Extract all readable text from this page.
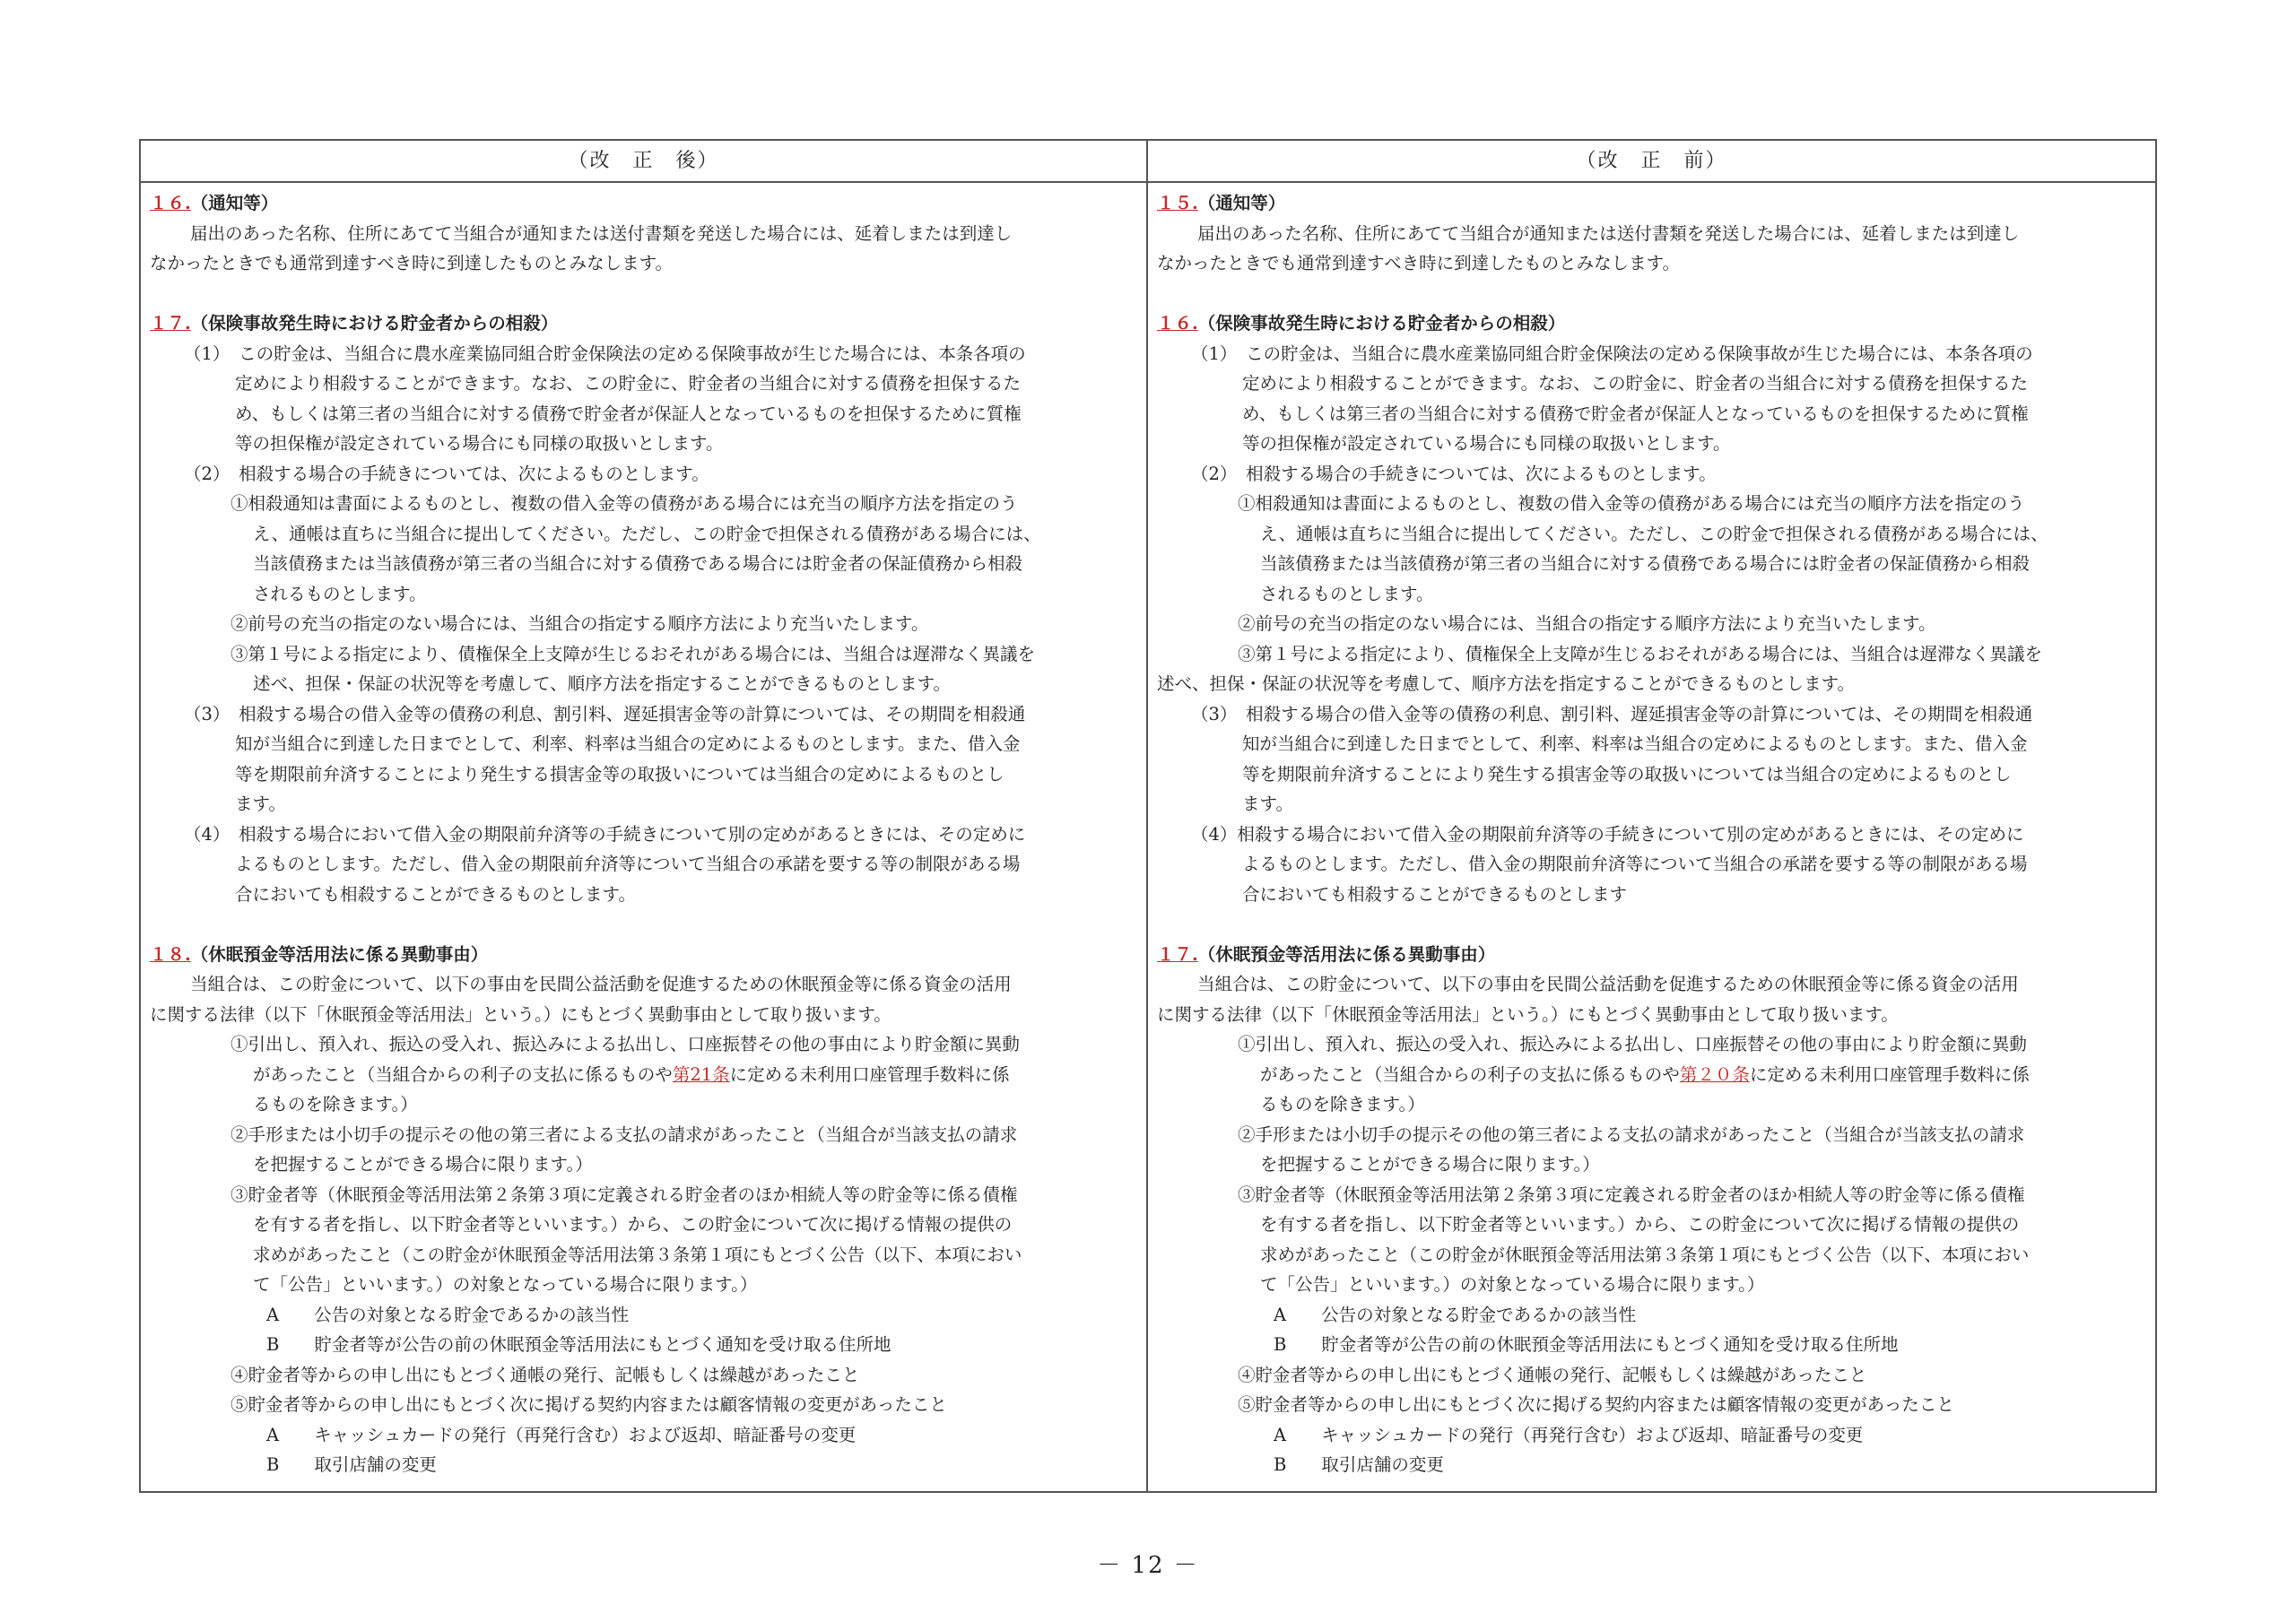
（改　正　後）
１６.（通知等）
届出のあった名称、住所にあてて当組合が通知または送付書類を発送した場合には、延着しまたは到達し
なかったときでも通常到達すべき時に到達したものとみなします。
１７.（保険事故発生時における貯金者からの相殺）
（1）　この貯金は、当組合に農水産業協同組合貯金保険法の定める保険事故が生じた場合には、本条各項の
定めにより相殺することができます。なお、この貯金に、貯金者の当組合に対する債務を担保するた
め、もしくは第三者の当組合に対する債務で貯金者が保証人となっているものを担保するために質権
等の担保権が設定されている場合にも同様の取扱いとします。
（2）　相殺する場合の手続きについては、次によるものとします。
①相殺通知は書面によるものとし、複数の借入金等の債務がある場合には充当の順序方法を指定のう
え、通帳は直ちに当組合に提出してください。ただし、この貯金で担保される債務がある場合には、
当該債務または当該債務が第三者の当組合に対する債務である場合には貯金者の保証債務から相殺
されるものとします。
②前号の充当の指定のない場合には、当組合の指定する順序方法により充当いたします。
③第１号による指定により、債権保全上支障が生じるおそれがある場合には、当組合は遅滞なく異議を
述べ、担保・保証の状況等を考慮して、順序方法を指定することができるものとします。
（3）　相殺する場合の借入金等の債務の利息、割引料、遅延損害金等の計算については、その期間を相殺通
知が当組合に到達した日までとして、利率、料率は当組合の定めによるものとします。また、借入金
等を期限前弁済することにより発生する損害金等の取扱いについては当組合の定めによるものとし
ます。
（4）　相殺する場合において借入金の期限前弁済等の手続きについて別の定めがあるときには、その定めに
よるものとします。ただし、借入金の期限前弁済等について当組合の承諾を要する等の制限がある場
合においても相殺することができるものとします。
１８.（休眠預金等活用法に係る異動事由）
当組合は、この貯金について、以下の事由を民間公益活動を促進するための休眠預金等に係る資金の活用
に関する法律（以下「休眠預金等活用法」という。）にもとづく異動事由として取り扱います。
①引出し、預入れ、振込の受入れ、振込みによる払出し、口座振替その他の事由により貯金額に異動
があったこと（当組合からの利子の支払に係るものや第21条に定める未利用口座管理手数料に係
るものを除きます。）
②手形または小切手の提示その他の第三者による支払の請求があったこと（当組合が当該支払の請求
を把握することができる場合に限ります。）
③貯金者等（休眠預金等活用法第２条第３項に定義される貯金者のほか相続人等の貯金等に係る債権
を有する者を指し、以下貯金者等といいます。）から、この貯金について次に掲げる情報の提供の
求めがあったこと（この貯金が休眠預金等活用法第３条第１項にもとづく公告（以下、本項におい
て「公告」といいます。）の対象となっている場合に限ります。）
A　　公告の対象となる貯金であるかの該当性
B　　貯金者等が公告の前の休眠預金等活用法にもとづく通知を受け取る住所地
④貯金者等からの申し出にもとづく通帳の発行、記帳もしくは繰越があったこと
⑤貯金者等からの申し出にもとづく次に掲げる契約内容または顧客情報の変更があったこと
A　　キャッシュカードの発行（再発行含む）および返却、暗証番号の変更
B　　取引店舗の変更
（改　正　前）
１５.（通知等）
届出のあった名称、住所にあてて当組合が通知または送付書類を発送した場合には、延着しまたは到達し
なかったときでも通常到達すべき時に到達したものとみなします。
１６.（保険事故発生時における貯金者からの相殺）
（1）　この貯金は、当組合に農水産業協同組合貯金保険法の定める保険事故が生じた場合には、本条各項の
定めにより相殺することができます。なお、この貯金に、貯金者の当組合に対する債務を担保するた
め、もしくは第三者の当組合に対する債務で貯金者が保証人となっているものを担保するために質権
等の担保権が設定されている場合にも同様の取扱いとします。
（2）　相殺する場合の手続きについては、次によるものとします。
①相殺通知は書面によるものとし、複数の借入金等の債務がある場合には充当の順序方法を指定のう
え、通帳は直ちに当組合に提出してください。ただし、この貯金で担保される債務がある場合には、
当該債務または当該債務が第三者の当組合に対する債務である場合には貯金者の保証債務から相殺
されるものとします。
②前号の充当の指定のない場合には、当組合の指定する順序方法により充当いたします。
③第１号による指定により、債権保全上支障が生じるおそれがある場合には、当組合は遅滞なく異議を
述べ、担保・保証の状況等を考慮して、順序方法を指定することができるものとします。
（3）　相殺する場合の借入金等の債務の利息、割引料、遅延損害金等の計算については、その期間を相殺通
知が当組合に到達した日までとして、利率、料率は当組合の定めによるものとします。また、借入金
等を期限前弁済することにより発生する損害金等の取扱いについては当組合の定めによるものとし
ます。
（4）相殺する場合において借入金の期限前弁済等の手続きについて別の定めがあるときには、その定めに
よるものとします。ただし、借入金の期限前弁済等について当組合の承諾を要する等の制限がある場
合においても相殺することができるものとします
１７.（休眠預金等活用法に係る異動事由）
当組合は、この貯金について、以下の事由を民間公益活動を促進するための休眠預金等に係る資金の活用
に関する法律（以下「休眠預金等活用法」という。）にもとづく異動事由として取り扱います。
①引出し、預入れ、振込の受入れ、振込みによる払出し、口座振替その他の事由により貯金額に異動
があったこと（当組合からの利子の支払に係るものや第２０条に定める未利用口座管理手数料に係
るものを除きます。）
②手形または小切手の提示その他の第三者による支払の請求があったこと（当組合が当該支払の請求
を把握することができる場合に限ります。）
③貯金者等（休眠預金等活用法第２条第３項に定義される貯金者のほか相続人等の貯金等に係る債権
を有する者を指し、以下貯金者等といいます。）から、この貯金について次に掲げる情報の提供の
求めがあったこと（この貯金が休眠預金等活用法第３条第１項にもとづく公告（以下、本項におい
て「公告」といいます。）の対象となっている場合に限ります。）
A　　公告の対象となる貯金であるかの該当性
B　　貯金者等が公告の前の休眠預金等活用法にもとづく通知を受け取る住所地
④貯金者等からの申し出にもとづく通帳の発行、記帳もしくは繰越があったこと
⑤貯金者等からの申し出にもとづく次に掲げる契約内容または顧客情報の変更があったこと
A　　キャッシュカードの発行（再発行含む）および返却、暗証番号の変更
B　　取引店舗の変更
－ 12 －
